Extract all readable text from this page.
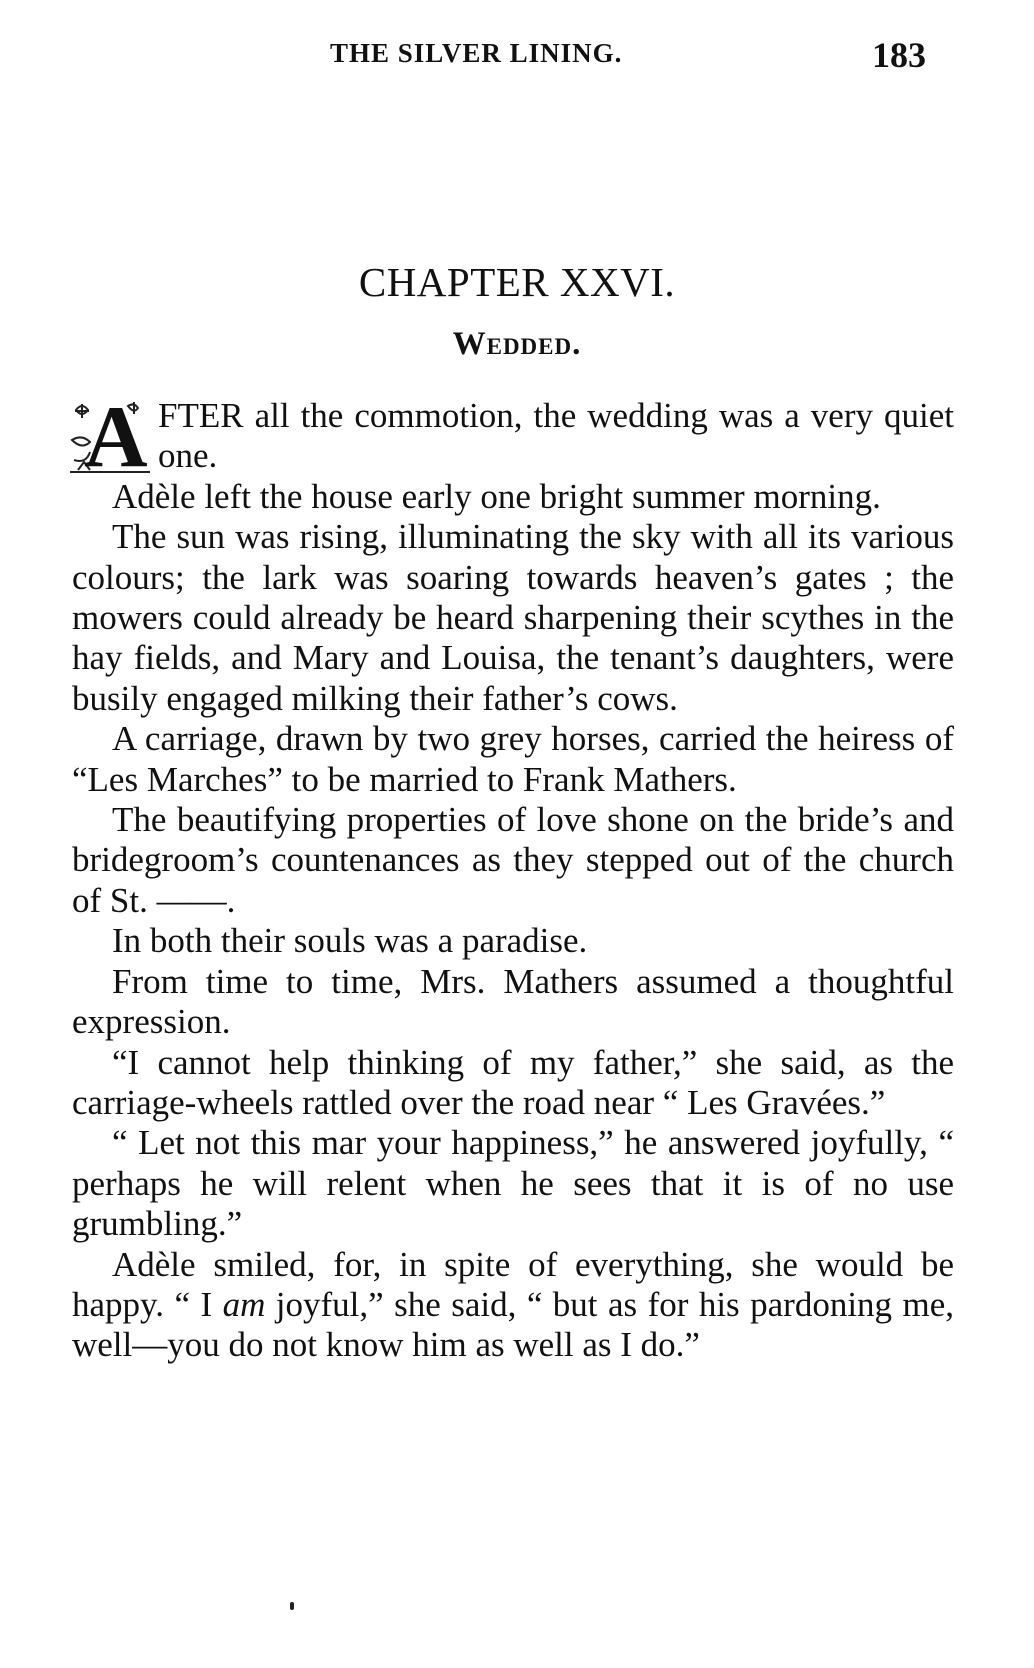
THE SILVER LINING.	183
CHAPTER XXVI.
Wedded.

A FTER all the commotion, the wedding was a very quiet one.

Adèle left the house early one bright summer morning.

The sun was rising, illuminating the sky with all its various colours; the lark was soaring towards heaven’s gates ; the mowers could already be heard sharpening their scythes in the hay fields, and Mary and Louisa, the tenant’s daughters, were busily engaged milking their father’s cows.

A carriage, drawn by two grey horses, carried the heiress of “Les Marches” to be married to Frank Mathers.

The beautifying properties of love shone on the bride’s and bridegroom’s countenances as they stepped out of the church of St. ——.

In both their souls was a paradise.

From time to time, Mrs. Mathers assumed a thoughtful expression.

“I cannot help thinking of my father,” she said, as the carriage-wheels rattled over the road near “ Les Gravées.”

“ Let not this mar your happiness,” he answered joyfully, “ perhaps he will relent when he sees that it is of no use grumbling.”

Adèle smiled, for, in spite of everything, she would be happy. “ I am joyful,” she said, “ but as for his pardoning me, well—you do not know him as well as I do.”
